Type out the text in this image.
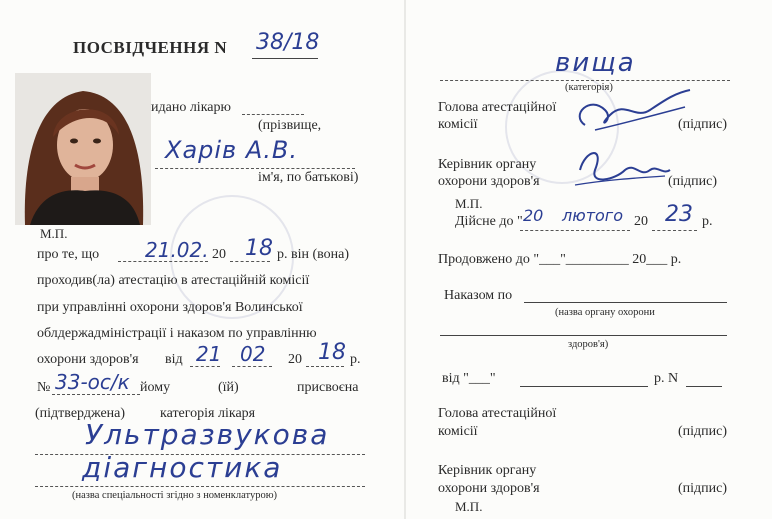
ПОСВІДЧЕННЯ N 38/18
идано лікарю
(прізвище,
Харів А.В.
ім'я, по батькові)
М.П.
про те, що 21.02. 20 18 р. він (вона)
проходив(ла) атестацію в атестаційній комісії
при управлінні охорони здоров'я Волинської
облдержадміністрації і наказом по управлінню
охорони здоров'я від 21 02 20 18 р.
№ 33-ос/к йому	(їй)	присвоєна
(підтверджена) категорія лікаря
Ультразвукова
діагностика
(назва спеціальності згідно з номенклатурою)
вища
(категорія)
Голова атестаційної
комісії	(підпис)
Керівник органу
охорони здоров'я	(підпис)
М.П.
Дійсне до " 20 лютого 20 23 р.
Продовжено до "___"_________ 20___ р.
Наказом по
(назва органу охорони
здоров'я)
від "___"	р. N
Голова атестаційної
комісії	(підпис)
Керівник органу
охорони здоров'я	(підпис)
М.П.
